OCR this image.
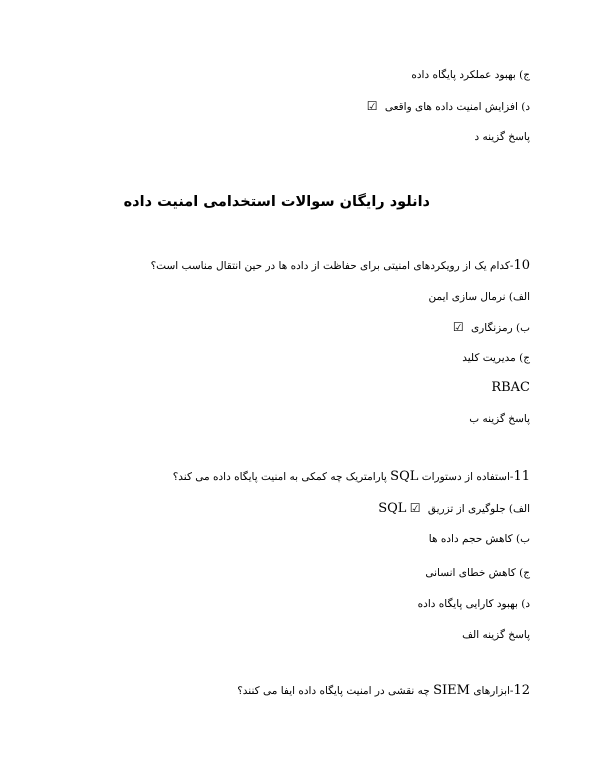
ج) بهبود عملکرد پایگاه داده
د) افزایش امنیت داده های واقعی ☑
پاسخ گزینه د
دانلود رایگان سوالات استخدامی امنیت داده
10-کدام یک از رویکردهای امنیتی برای حفاظت از داده ها در حین انتقال مناسب است؟
الف) نرمال سازی ایمن
ب) رمزنگاری ☑
ج) مدیریت کلید
RBAC
پاسخ گزینه ب
11-استفاده از دستورات SQL پارامتریک چه کمکی به امنیت پایگاه داده می کند؟
الف) جلوگیری از تزریق ☑ SQL
ب) کاهش حجم داده ها
ج) کاهش خطای انسانی
د) بهبود کارایی پایگاه داده
پاسخ گزینه الف
12-ابزارهای SIEM چه نقشی در امنیت پایگاه داده ایفا می کنند؟
